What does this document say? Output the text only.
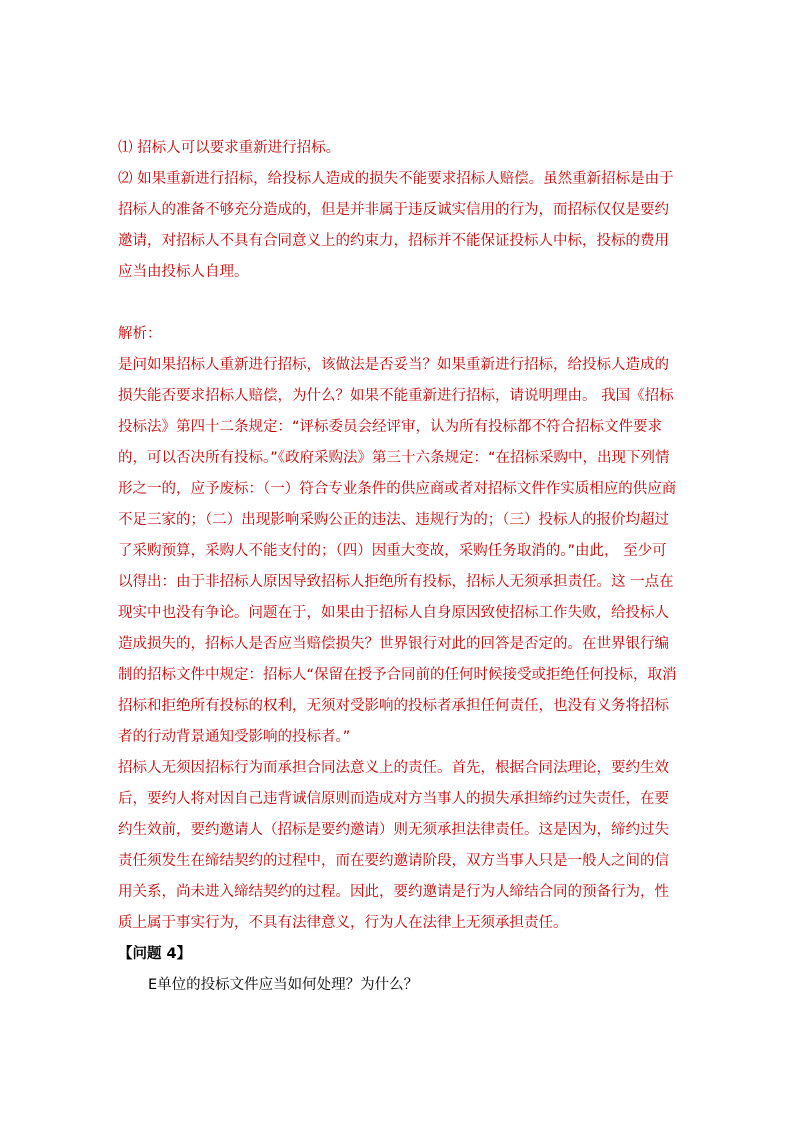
⑴ 招标人可以要求重新进行招标。

⑵ 如果重新进行招标，给投标人造成的损失不能要求招标人赔偿。虽然重新招标是由于招标人的准备不够充分造成的，但是并非属于违反诚实信用的行为，而招标仅仅是要约邀请，对招标人不具有合同意义上的约束力，招标并不能保证投标人中标，投标的费用应当由投标人自理。

解析：

是问如果招标人重新进行招标，该做法是否妥当？如果重新进行招标，给投标人造成的损失能否要求招标人赔偿，为什么？如果不能重新进行招标，请说明理由。 我国《招标投标法》第四十二条规定：“评标委员会经评审，认为所有投标都不符合招标文件要求的，可以否决所有投标。”《政府采购法》第三十六条规定：“在招标采购中，出现下列情形之一的，应予废标：（一）符合专业条件的供应商或者对招标文件作实质相应的供应商不足三家的；（二）出现影响采购公正的违法、违规行为的；（三）投标人的报价均超过了采购预算，采购人不能支付的；（四）因重大变故，采购任务取消的。”由此， 至少可以得出：由于非招标人原因导致招标人拒绝所有投标，招标人无须承担责任。这 一点在现实中也没有争论。问题在于，如果由于招标人自身原因致使招标工作失败，给投标人造成损失的，招标人是否应当赔偿损失？世界银行对此的回答是否定的。在世界银行编制的招标文件中规定：招标人“保留在授予合同前的任何时候接受或拒绝任何投标，取消招标和拒绝所有投标的权利，无须对受影响的投标者承担任何责任，也没有义务将招标者的行动背景通知受影响的投标者。”

招标人无须因招标行为而承担合同法意义上的责任。首先，根据合同法理论，要约生效后，要约人将对因自己违背诚信原则而造成对方当事人的损失承担缔约过失责任，在要约生效前，要约邀请人（招标是要约邀请）则无须承担法律责任。这是因为，缔约过失责任须发生在缔结契约的过程中，而在要约邀请阶段，双方当事人只是一般人之间的信用关系，尚未进入缔结契约的过程。因此，要约邀请是行为人缔结合同的预备行为，性质上属于事实行为，不具有法律意义，行为人在法律上无须承担责任。

【问题 4】

E单位的投标文件应当如何处理？为什么？
